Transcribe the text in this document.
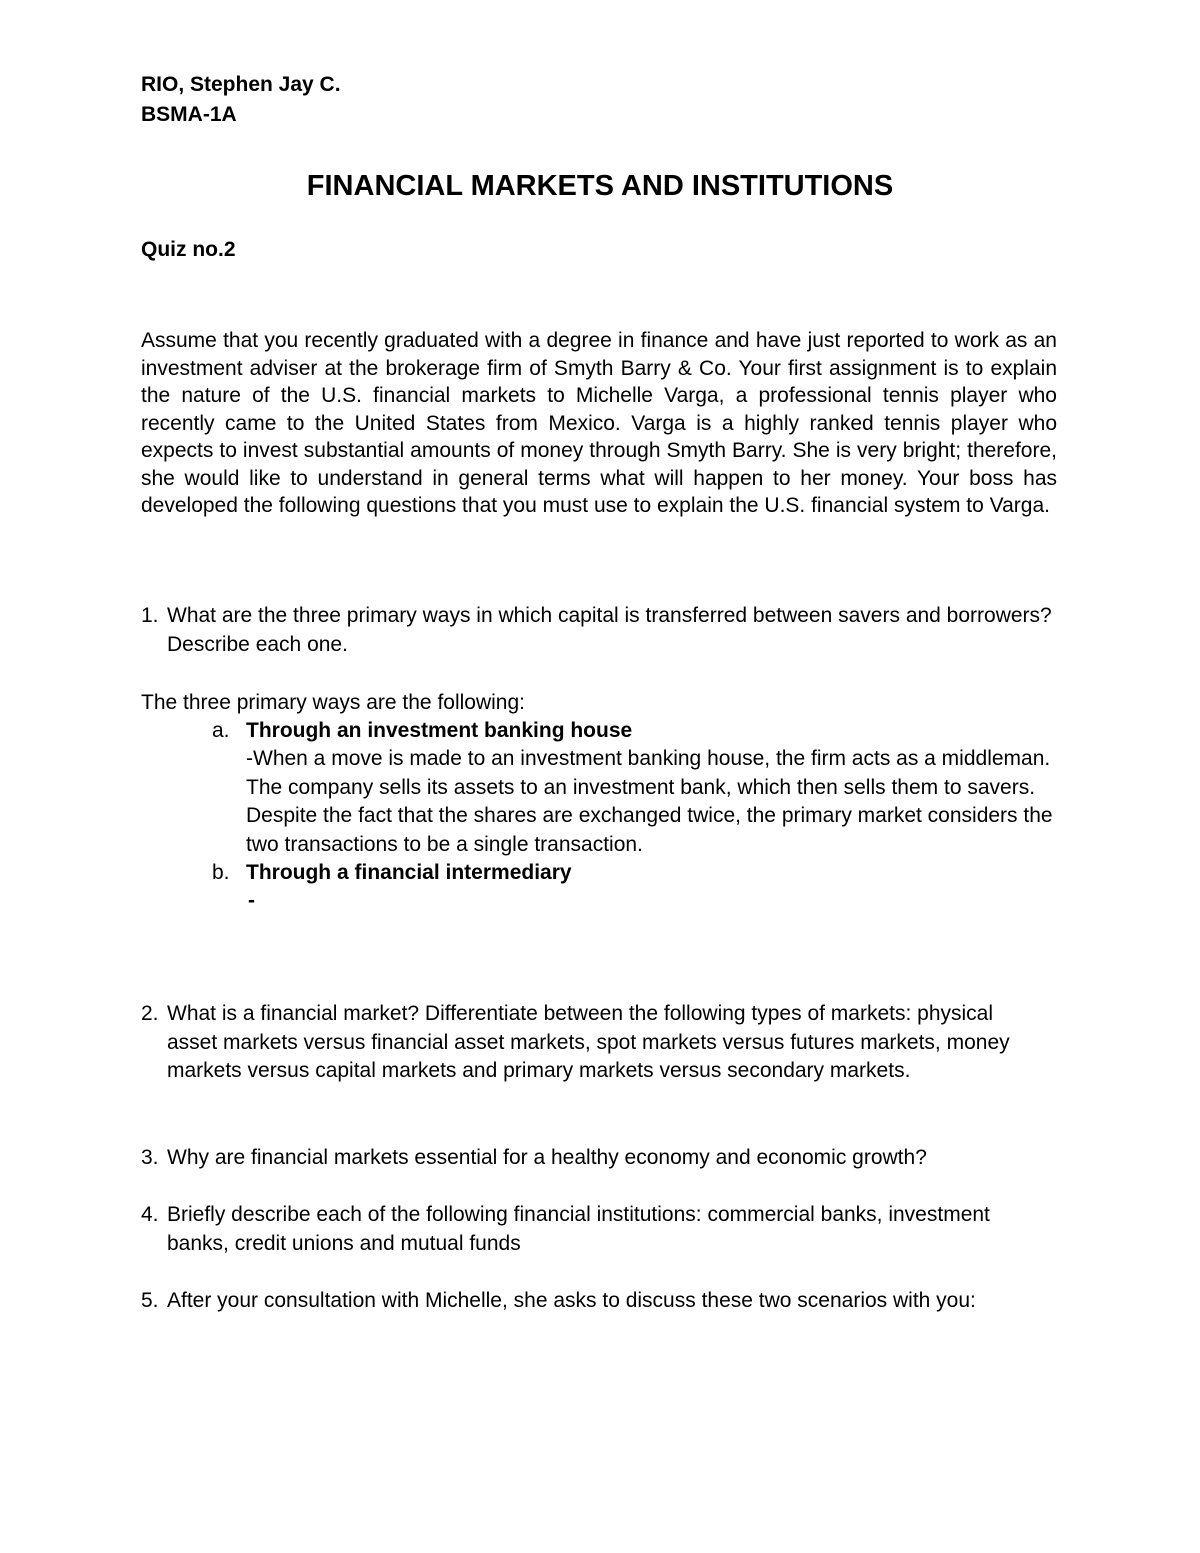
RIO, Stephen Jay C.
BSMA-1A
FINANCIAL MARKETS AND INSTITUTIONS
Quiz no.2
Assume that you recently graduated with a degree in finance and have just reported to work as an investment adviser at the brokerage firm of Smyth Barry & Co. Your first assignment is to explain the nature of the U.S. financial markets to Michelle Varga, a professional tennis player who recently came to the United States from Mexico. Varga is a highly ranked tennis player who expects to invest substantial amounts of money through Smyth Barry. She is very bright; therefore, she would like to understand in general terms what will happen to her money. Your boss has developed the following questions that you must use to explain the U.S. financial system to Varga.
1. What are the three primary ways in which capital is transferred between savers and borrowers? Describe each one.
The three primary ways are the following:
a. Through an investment banking house
-When a move is made to an investment banking house, the firm acts as a middleman. The company sells its assets to an investment bank, which then sells them to savers. Despite the fact that the shares are exchanged twice, the primary market considers the two transactions to be a single transaction.
b. Through a financial intermediary
-
2. What is a financial market? Differentiate between the following types of markets: physical asset markets versus financial asset markets, spot markets versus futures markets, money markets versus capital markets and primary markets versus secondary markets.
3. Why are financial markets essential for a healthy economy and economic growth?
4. Briefly describe each of the following financial institutions: commercial banks, investment banks, credit unions and mutual funds
5. After your consultation with Michelle, she asks to discuss these two scenarios with you:
